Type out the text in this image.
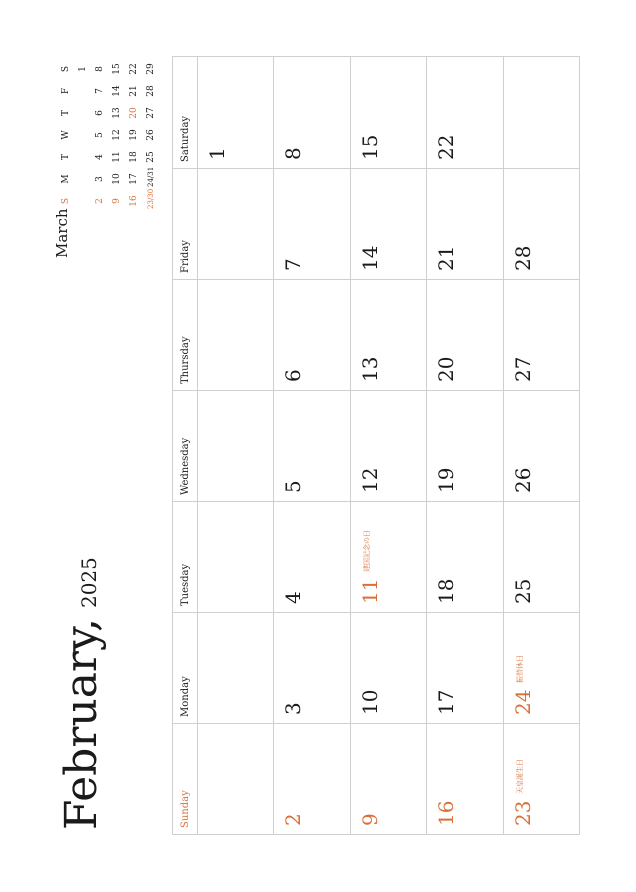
February,
2025
March
S
M
T
W
T
F
S 1
2
3
4
5
6
7
8
9
10
11
12
13
14
15
16
17
18
19
20
21
22
23/30
24/31
25
26
27
28
29
Sunday
Monday
Tuesday
Wednesday
Thursday
Friday
Saturday 1
2
3
4
5
6
7
8
9
10
11
建国記念の日
12
13
14
15
16
17
18
19
20
21
22
23
天皇誕生日
24
振替休日
25
26
27
28
